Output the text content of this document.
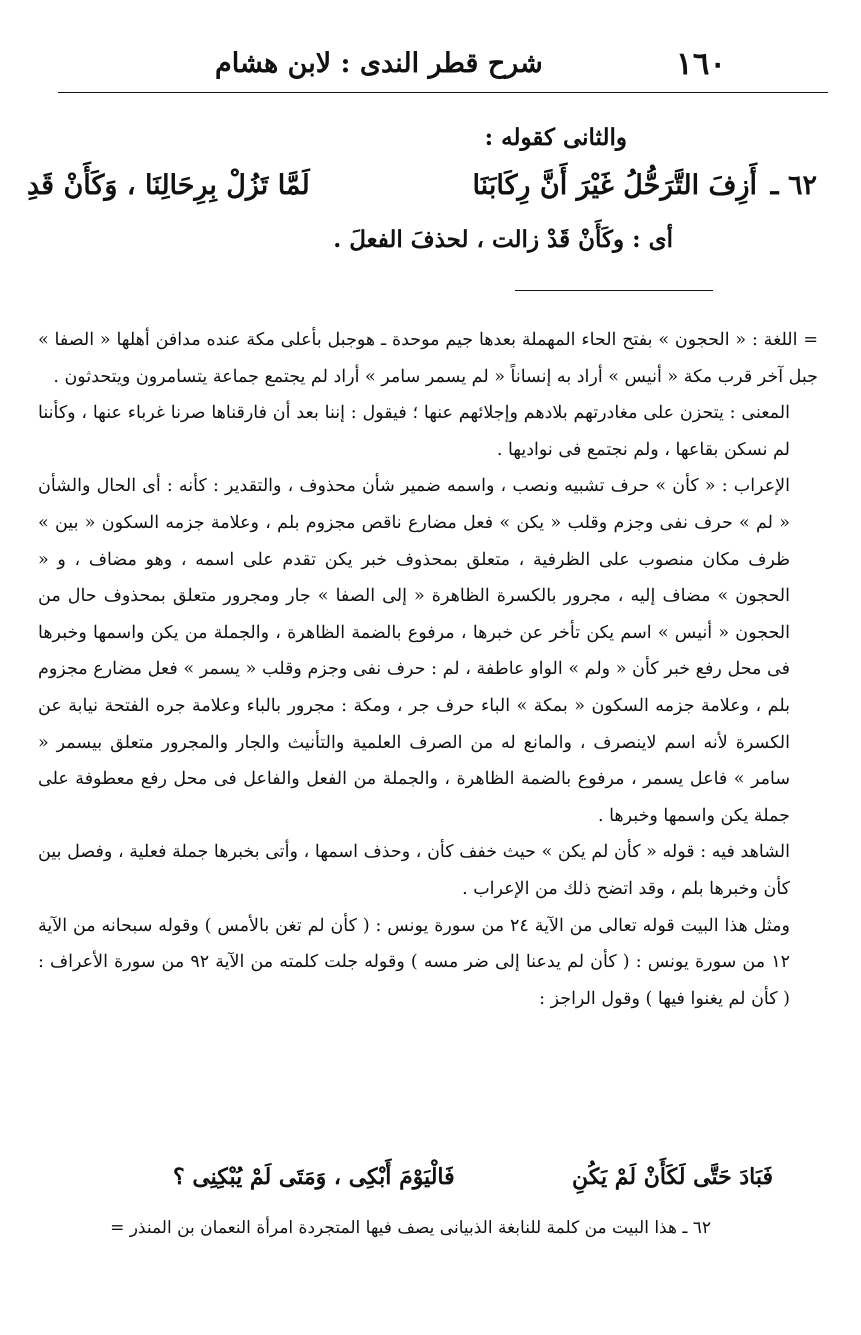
١٦٠
شرح قطر الندى : لابن هشام
والثانى كقوله :
٦٢ ـ
أَزِفَ التَّرَحُّلُ غَيْرَ أَنَّ رِكَابَنَا
لَمَّا تَزُلْ بِرِحَالِنَا ، وَكَأَنْ قَدِ
أى : وكَأَنْ قَدْ زالت ، لحذفَ الفعلَ .

= اللغة : « الحجون » بفتح الحاء المهملة بعدها جيم موحدة ـ هوجبل بأعلى مكة عنده مدافن أهلها « الصفا » جبل آخر قرب مكة « أنيس » أراد به إنساناً « لم يسمر سامر » أراد لم يجتمع جماعة يتسامرون ويتحدثون .

المعنى : يتحزن على مغادرتهم بلادهم وإجلائهم عنها ؛ فيقول : إننا بعد أن فارقناها صرنا غرباء عنها ، وكأننا لم نسكن بقاعها ، ولم نجتمع فى نواديها .

الإعراب : « كأن » حرف تشبيه ونصب ، واسمه ضمير شأن محذوف ، والتقدير : كأنه : أى الحال والشأن « لم » حرف نفى وجزم وقلب « يكن » فعل مضارع ناقص مجزوم بلم ، وعلامة جزمه السكون « بين » ظرف مكان منصوب على الظرفية ، متعلق بمحذوف خبر يكن تقدم على اسمه ، وهو مضاف ، و « الحجون » مضاف إليه ، مجرور بالكسرة الظاهرة « إلى الصفا » جار ومجرور متعلق بمحذوف حال من الحجون « أنيس » اسم يكن تأخر عن خبرها ، مرفوع بالضمة الظاهرة ، والجملة من يكن واسمها وخبرها فى محل رفع خبر كأن « ولم » الواو عاطفة ، لم : حرف نفى وجزم وقلب « يسمر » فعل مضارع مجزوم بلم ، وعلامة جزمه السكون « بمكة » الباء حرف جر ، ومكة : مجرور بالباء وعلامة جره الفتحة نيابة عن الكسرة لأنه اسم لاينصرف ، والمانع له من الصرف العلمية والتأنيث والجار والمجرور متعلق بيسمر « سامر » فاعل يسمر ، مرفوع بالضمة الظاهرة ، والجملة من الفعل والفاعل فى محل رفع معطوفة على جملة يكن واسمها وخبرها .

الشاهد فيه : قوله « كأن لم يكن » حيث خفف كأن ، وحذف اسمها ، وأتى بخبرها جملة فعلية ، وفصل بين كأن وخبرها بلم ، وقد اتضح ذلك من الإعراب .

ومثل هذا البيت قوله تعالى من الآية ٢٤ من سورة يونس : ( كأن لم تغن بالأمس ) وقوله سبحانه من الآية ١٢ من سورة يونس : ( كأن لم يدعنا إلى ضر مسه ) وقوله جلت كلمته من الآية ٩٢ من سورة الأعراف : ( كأن لم يغنوا فيها ) وقول الراجز :

فَبَادَ حَتَّى لَكَأَنْ لَمْ يَكُنِ
فَالْيَوْمَ أَبْكِى ، وَمَتَى لَمْ يُبْكِنِى ؟
٦٢ ـ هذا البيت من كلمة للنابغة الذبيانى يصف فيها المتجردة امرأة النعمان بن المنذر =
